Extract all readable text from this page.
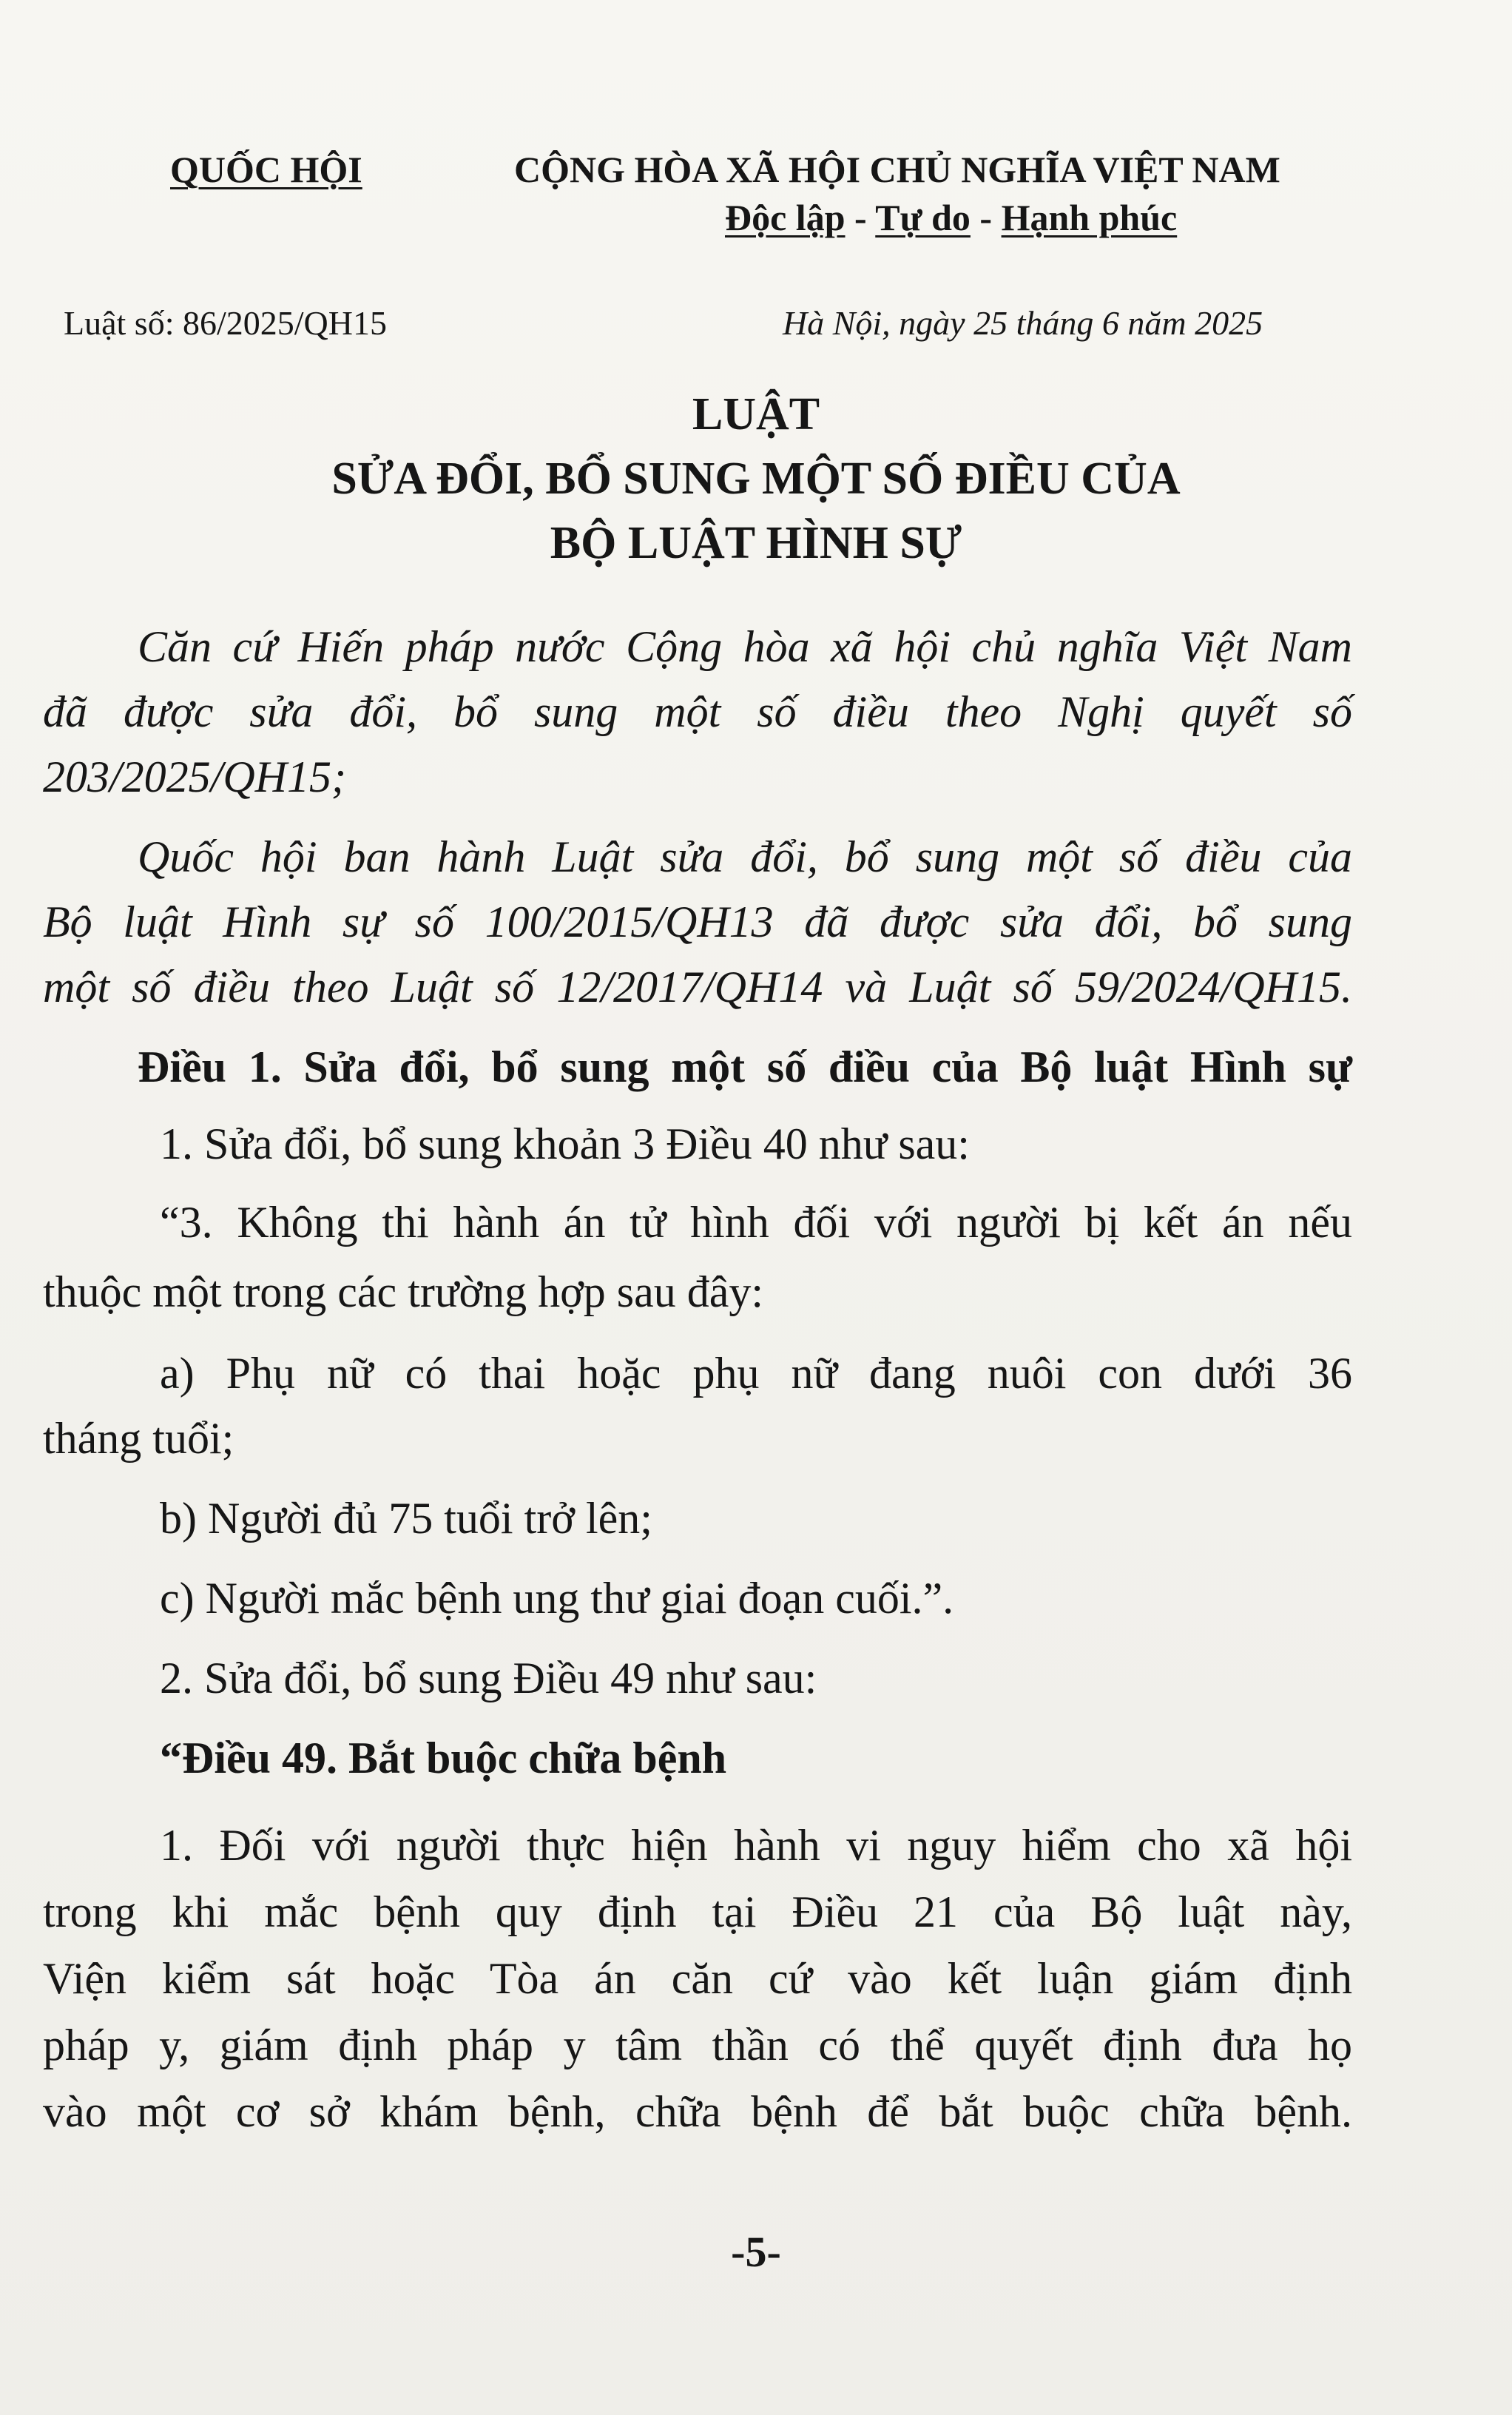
QUỐC HỘI	CỘNG HÒA XÃ HỘI CHỦ NGHĨA VIỆT NAM
Độc lập - Tự do - Hạnh phúc
Luật số: 86/2025/QH15	Hà Nội, ngày 25 tháng 6 năm 2025
LUẬT
SỬA ĐỔI, BỔ SUNG MỘT SỐ ĐIỀU CỦA
BỘ LUẬT HÌNH SỰ
Căn cứ Hiến pháp nước Cộng hòa xã hội chủ nghĩa Việt Nam
đã được sửa đổi, bổ sung một số điều theo Nghị quyết số
203/2025/QH15;
Quốc hội ban hành Luật sửa đổi, bổ sung một số điều của
Bộ luật Hình sự số 100/2015/QH13 đã được sửa đổi, bổ sung
một số điều theo Luật số 12/2017/QH14 và Luật số 59/2024/QH15.
Điều 1. Sửa đổi, bổ sung một số điều của Bộ luật Hình sự
1. Sửa đổi, bổ sung khoản 3 Điều 40 như sau:
“3. Không thi hành án tử hình đối với người bị kết án nếu
thuộc một trong các trường hợp sau đây:
a) Phụ nữ có thai hoặc phụ nữ đang nuôi con dưới 36
tháng tuổi;
b) Người đủ 75 tuổi trở lên;
c) Người mắc bệnh ung thư giai đoạn cuối.”.
2. Sửa đổi, bổ sung Điều 49 như sau:
“Điều 49. Bắt buộc chữa bệnh
1. Đối với người thực hiện hành vi nguy hiểm cho xã hội
trong khi mắc bệnh quy định tại Điều 21 của Bộ luật này,
Viện kiểm sát hoặc Tòa án căn cứ vào kết luận giám định
pháp y, giám định pháp y tâm thần có thể quyết định đưa họ
vào một cơ sở khám bệnh, chữa bệnh để bắt buộc chữa bệnh.
-5-
